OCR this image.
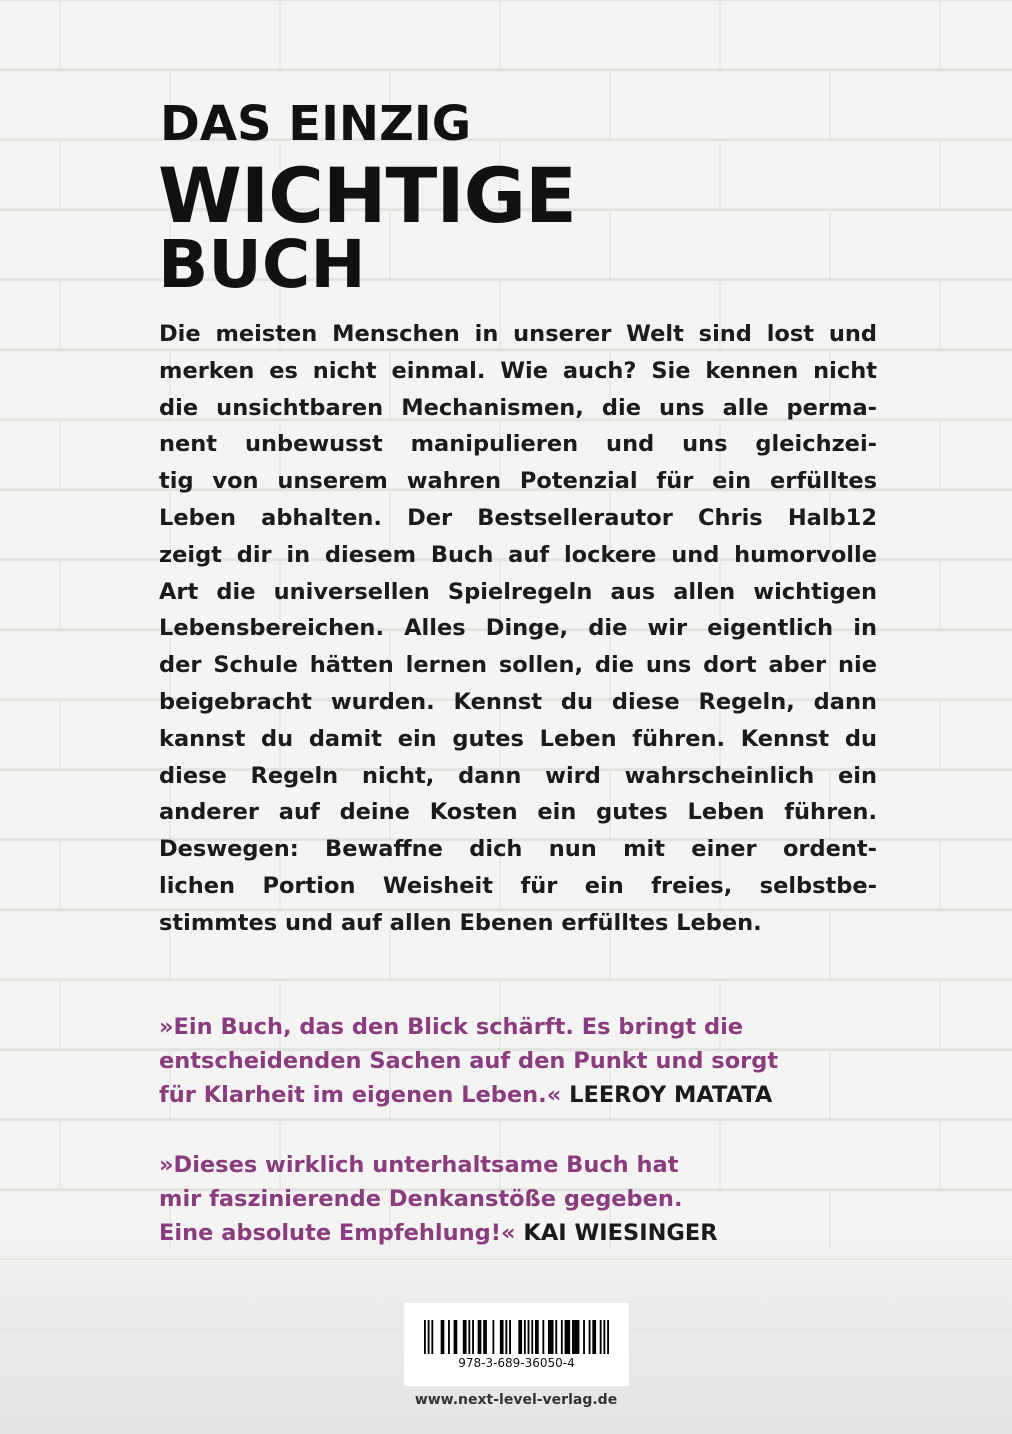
DAS EINZIG
WICHTIGE
BUCH
Die meisten Menschen in unserer Welt sind lost und
merken es nicht einmal. Wie auch? Sie kennen nicht
die unsichtbaren Mechanismen, die uns alle perma-
nent unbewusst manipulieren und uns gleichzei-
tig von unserem wahren Potenzial für ein erfülltes
Leben abhalten. Der Bestsellerautor Chris Halb12
zeigt dir in diesem Buch auf lockere und humorvolle
Art die universellen Spielregeln aus allen wichtigen
Lebensbereichen. Alles Dinge, die wir eigentlich in
der Schule hätten lernen sollen, die uns dort aber nie
beigebracht wurden. Kennst du diese Regeln, dann
kannst du damit ein gutes Leben führen. Kennst du
diese Regeln nicht, dann wird wahrscheinlich ein
anderer auf deine Kosten ein gutes Leben führen.
Deswegen: Bewaffne dich nun mit einer ordent-
lichen Portion Weisheit für ein freies, selbstbe-
stimmtes und auf allen Ebenen erfülltes Leben.
»Ein Buch, das den Blick schärft. Es bringt die
entscheidenden Sachen auf den Punkt und sorgt
für Klarheit im eigenen Leben.« LEEROY MATATA
»Dieses wirklich unterhaltsame Buch hat
mir faszinierende Denkanstöße gegeben.
Eine absolute Empfehlung!« KAI WIESINGER

978-3-689-36050-4

www.next-level-verlag.de
